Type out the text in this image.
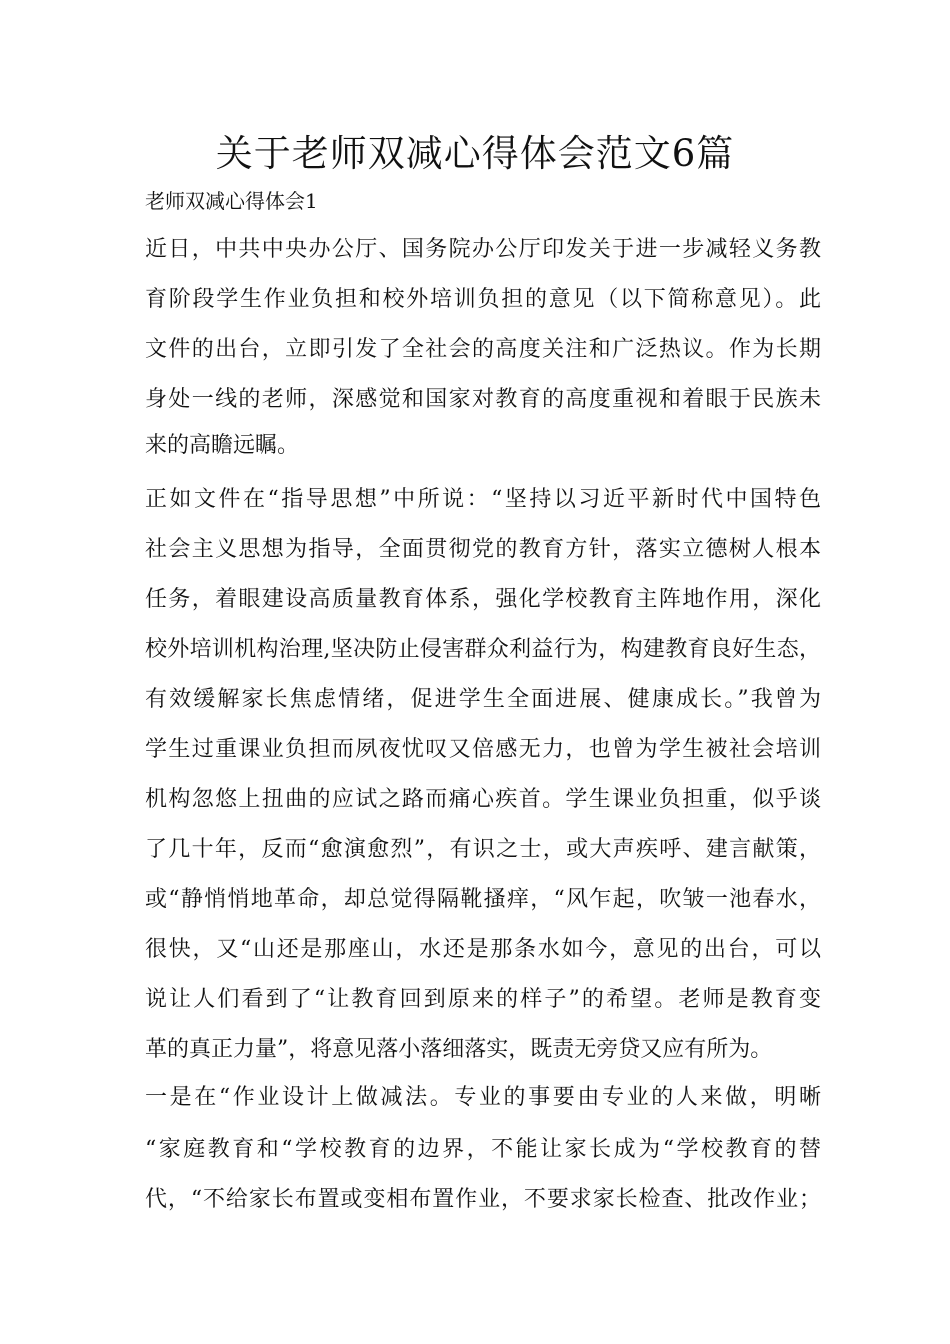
关于老师双减心得体会范文6篇

老师双减心得体会1

近日，中共中央办公厅、国务院办公厅印发关于进一步减轻义务教

育阶段学生作业负担和校外培训负担的意见（以下简称意见）。此

文件的出台，立即引发了全社会的高度关注和广泛热议。作为长期

身处一线的老师，深感觉和国家对教育的高度重视和着眼于民族未

来的高瞻远瞩。

正如文件在“指导思想”中所说：“坚持以习近平新时代中国特色

社会主义思想为指导，全面贯彻党的教育方针，落实立德树人根本

任务，着眼建设高质量教育体系，强化学校教育主阵地作用，深化

校外培训机构治理,坚决防止侵害群众利益行为，构建教育良好生态，

有效缓解家长焦虑情绪，促进学生全面进展、健康成长。”我曾为

学生过重课业负担而夙夜忧叹又倍感无力，也曾为学生被社会培训

机构忽悠上扭曲的应试之路而痛心疾首。学生课业负担重，似乎谈

了几十年，反而“愈演愈烈”，有识之士，或大声疾呼、建言献策，

或“静悄悄地革命，却总觉得隔靴搔痒，“风乍起，吹皱一池春水，

很快，又“山还是那座山，水还是那条水如今，意见的出台，可以

说让人们看到了“让教育回到原来的样子”的希望。老师是教育变

革的真正力量”，将意见落小落细落实，既责无旁贷又应有所为。

一是在“作业设计上做减法。专业的事要由专业的人来做，明晰

“家庭教育和“学校教育的边界，不能让家长成为“学校教育的替

代，“不给家长布置或变相布置作业，不要求家长检查、批改作业；
